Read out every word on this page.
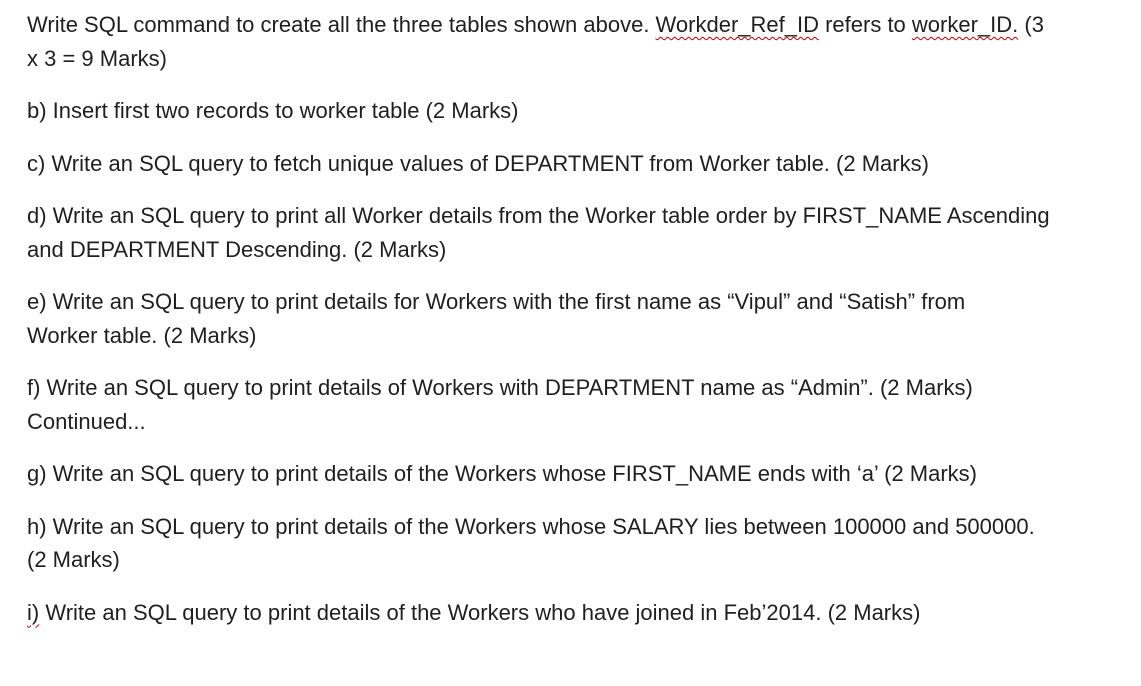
Write SQL command to create all the three tables shown above. Workder_Ref_ID refers to worker_ID. (3
x 3 = 9 Marks)

b) Insert first two records to worker table (2 Marks)

c) Write an SQL query to fetch unique values of DEPARTMENT from Worker table. (2 Marks)

d) Write an SQL query to print all Worker details from the Worker table order by FIRST_NAME Ascending
and DEPARTMENT Descending. (2 Marks)

e) Write an SQL query to print details for Workers with the first name as “Vipul” and “Satish” from
Worker table. (2 Marks)

f) Write an SQL query to print details of Workers with DEPARTMENT name as “Admin”. (2 Marks)
Continued...

g) Write an SQL query to print details of the Workers whose FIRST_NAME ends with ‘a’ (2 Marks)

h) Write an SQL query to print details of the Workers whose SALARY lies between 100000 and 500000.
(2 Marks)

i) Write an SQL query to print details of the Workers who have joined in Feb’2014. (2 Marks)
